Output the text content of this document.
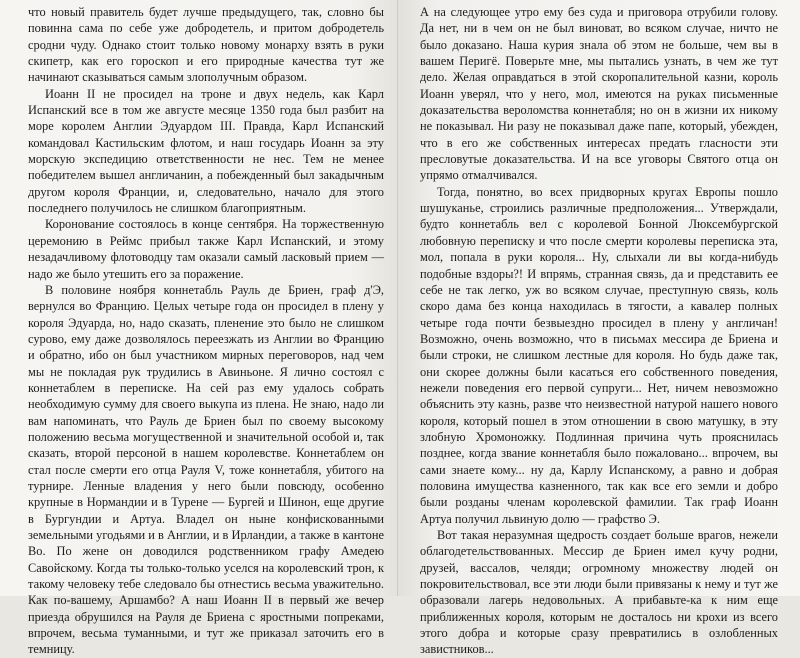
что новый правитель будет лучше предыдущего, так, словно бы повинна сама по себе уже добродетель, и притом добродетель сродни чуду. Однако стоит только новому монарху взять в руки скипетр, как его гороскоп и его природные качества тут же начинают сказываться самым злополучным образом.

Иоанн II не просидел на троне и двух недель, как Карл Испанский все в том же августе месяце 1350 года был разбит на море королем Англии Эдуардом III. Правда, Карл Испанский командовал Кастильским флотом, и наш государь Иоанн за эту морскую экспедицию ответственности не нес. Тем не менее победителем вышел англичанин, а побежденный был закадычным другом короля Франции, и, следовательно, начало для этого последнего получилось не слишком благоприятным.

Коронование состоялось в конце сентября. На торжественную церемонию в Реймс прибыл также Карл Испанский, и этому незадачливому флотоводцу там оказали самый ласковый прием — надо же было утешить его за поражение.

В половине ноября коннетабль Рауль де Бриен, граф д'Э, вернулся во Францию. Целых четыре года он просидел в плену у короля Эдуарда, но, надо сказать, пленение это было не слишком сурово, ему даже дозволялось переезжать из Англии во Францию и обратно, ибо он был участником мирных переговоров, над чем мы не покладая рук трудились в Авиньоне. Я лично состоял с коннетаблем в переписке. На сей раз ему удалось собрать необходимую сумму для своего выкупа из плена. Не знаю, надо ли вам напоминать, что Рауль де Бриен был по своему высокому положению весьма могущественной и значительной особой и, так сказать, второй персоной в нашем королевстве. Коннетаблем он стал после смерти его отца Рауля V, тоже коннетабля, убитого на турнире. Ленные владения у него были повсюду, особенно крупные в Нормандии и в Турене — Бургей и Шинон, еще другие в Бургундии и Артуа. Владел он ныне конфискованными земельными угодьями и в Англии, и в Ирландии, а также в кантоне Во. По жене он доводился родственником графу Амедею Савойскому. Когда ты только-только уселся на королевский трон, к такому человеку тебе следовало бы отнестись весьма уважительно. Как по-вашему, Аршамбо? А наш Иоанн II в первый же вечер приезда обрушился на Рауля де Бриена с яростными попреками, впрочем, весьма туманными, и тут же приказал заточить его в темницу.

А на следующее утро ему без суда и приговора отрубили голову. Да нет, ни в чем он не был виноват, во всяком случае, ничто не было доказано. Наша курия знала об этом не больше, чем вы в вашем Перигё. Поверьте мне, мы пытались узнать, в чем же тут дело. Желая оправдаться в этой скоропалительной казни, король Иоанн уверял, что у него, мол, имеются на руках письменные доказательства вероломства коннетабля; но он в жизни их никому не показывал. Ни разу не показывал даже папе, который, убежден, что в его же собственных интересах предать гласности эти пресловутые доказательства. И на все уговоры Святого отца он упрямо отмалчивался.

Тогда, понятно, во всех придворных кругах Европы пошло шушуканье, строились различные предположения... Утверждали, будто коннетабль вел с королевой Бонной Люксембургской любовную переписку и что после смерти королевы переписка эта, мол, попала в руки короля... Ну, слыхали ли вы когда-нибудь подобные вздоры?! И впрямь, странная связь, да и представить ее себе не так легко, уж во всяком случае, преступную связь, коль скоро дама без конца находилась в тягости, а кавалер полных четыре года почти безвыездно просидел в плену у англичан! Возможно, очень возможно, что в письмах мессира де Бриена и были строки, не слишком лестные для короля. Но будь даже так, они скорее должны были касаться его собственного поведения, нежели поведения его первой супруги... Нет, ничем невозможно объяснить эту казнь, разве что неизвестной натурой нашего нового короля, который пошел в этом отношении в свою матушку, в эту злобную Хромоножку. Подлинная причина чуть прояснилась позднее, когда звание коннетабля было пожаловано... впрочем, вы сами знаете кому... ну да, Карлу Испанскому, а равно и добрая половина имущества казненного, так как все его земли и добро были розданы членам королевской фамилии. Так граф Иоанн Артуа получил львиную долю — графство Э.

Вот такая неразумная щедрость создает больше врагов, нежели облагодетельствованных. Мессир де Бриен имел кучу родни, друзей, вассалов, челяди; огромному множеству людей он покровительствовал, все эти люди были привязаны к нему и тут же образовали лагерь недовольных. А прибавьте-ка к ним еще приближенных короля, которым не досталось ни крохи из всего этого добра и которые сразу превратились в озлобленных завистников...
